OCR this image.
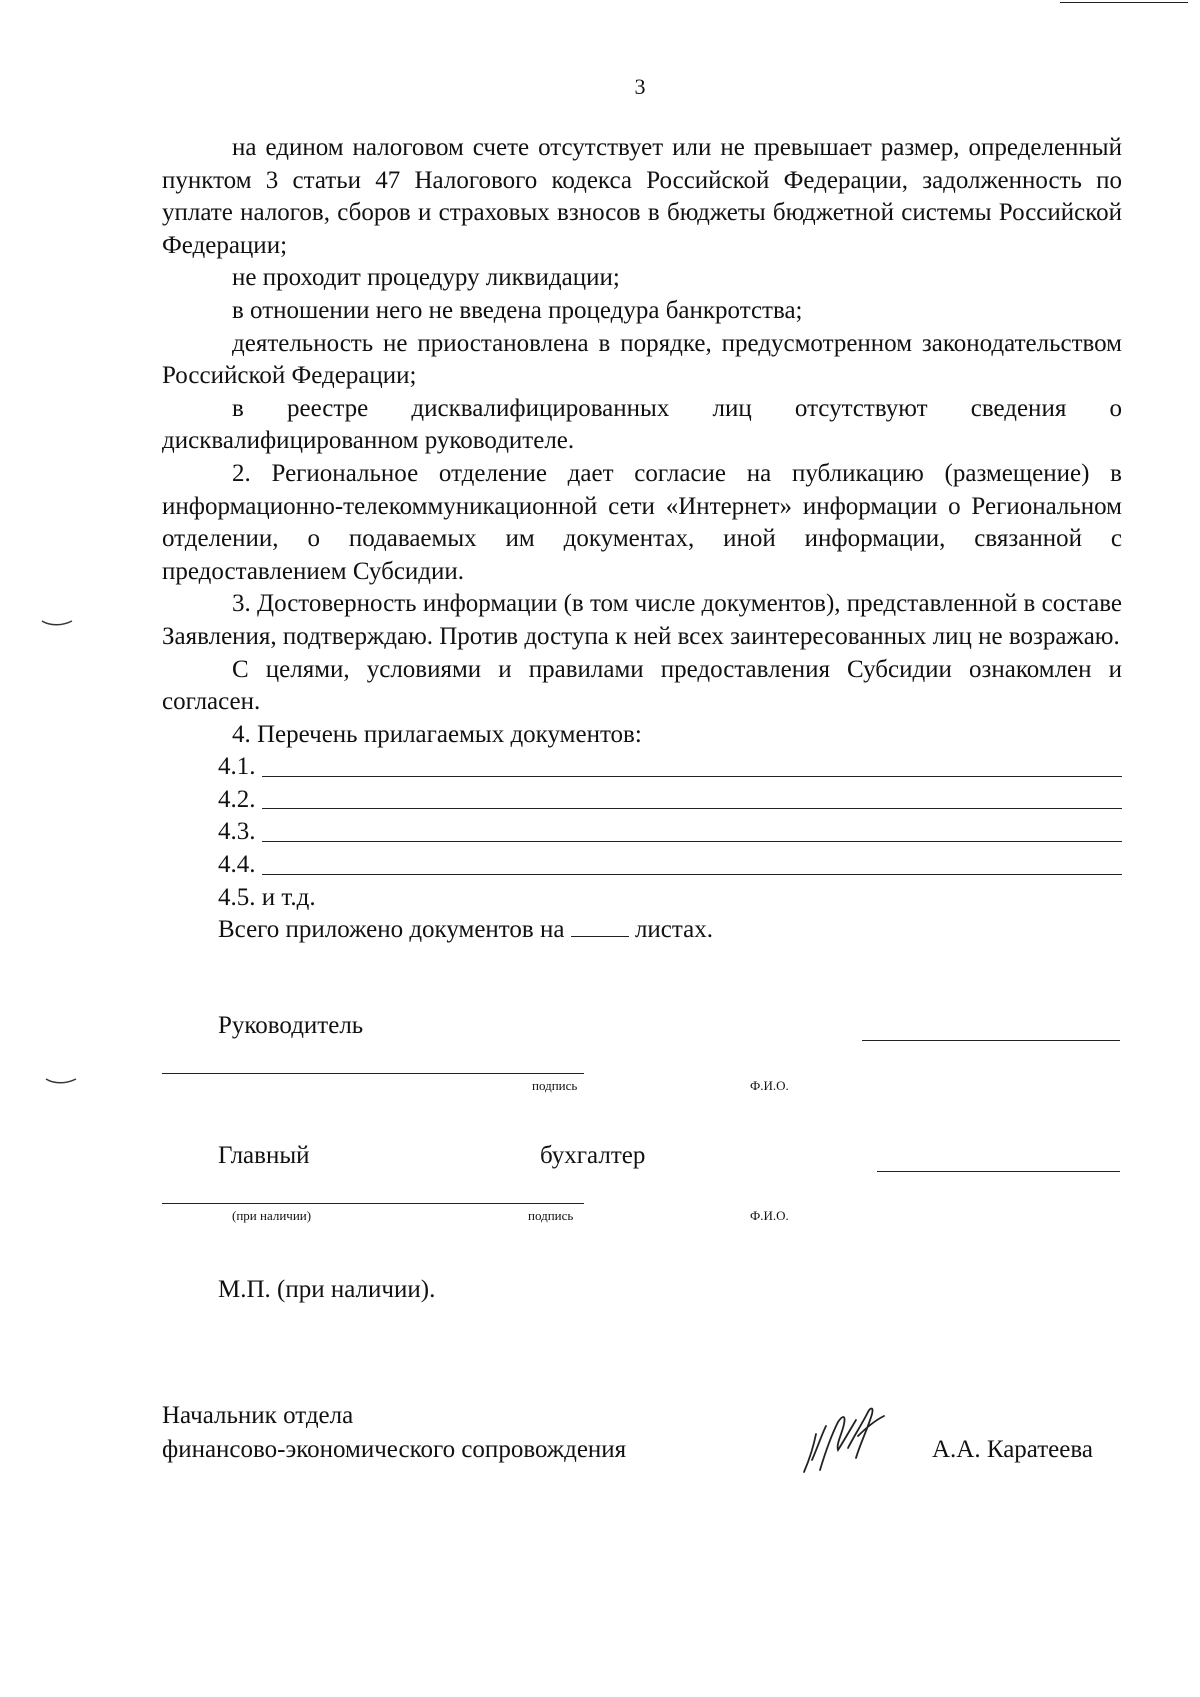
3

на едином налоговом счете отсутствует или не превышает размер, определенный пунктом 3 статьи 47 Налогового кодекса Российской Федерации, задолженность по уплате налогов, сборов и страховых взносов в бюджеты бюджетной системы Российской Федерации;

не проходит процедуру ликвидации;

в отношении него не введена процедура банкротства;

деятельность не приостановлена в порядке, предусмотренном законодательством Российской Федерации;

в реестре дисквалифицированных лиц отсутствуют сведения о дисквалифицированном руководителе.

2. Региональное отделение дает согласие на публикацию (размещение) в информационно-телекоммуникационной сети «Интернет» информации о Региональном отделении, о подаваемых им документах, иной информации, связанной с предоставлением Субсидии.

3. Достоверность информации (в том числе документов), представленной в составе Заявления, подтверждаю. Против доступа к ней всех заинтересованных лиц не возражаю.

С целями, условиями и правилами предоставления Субсидии ознакомлен и согласен.

4. Перечень прилагаемых документов:

4.1.
4.2.
4.3.
4.4.
4.5. и т.д.
Всего приложено документов на	листах.
Руководитель
подпись	Ф.И.О.
Главный	бухгалтер
(при наличии)	подпись	Ф.И.О.
М.П. (при наличии).
Начальник отдела
финансово-экономического сопровождения	А.А. Каратеева
